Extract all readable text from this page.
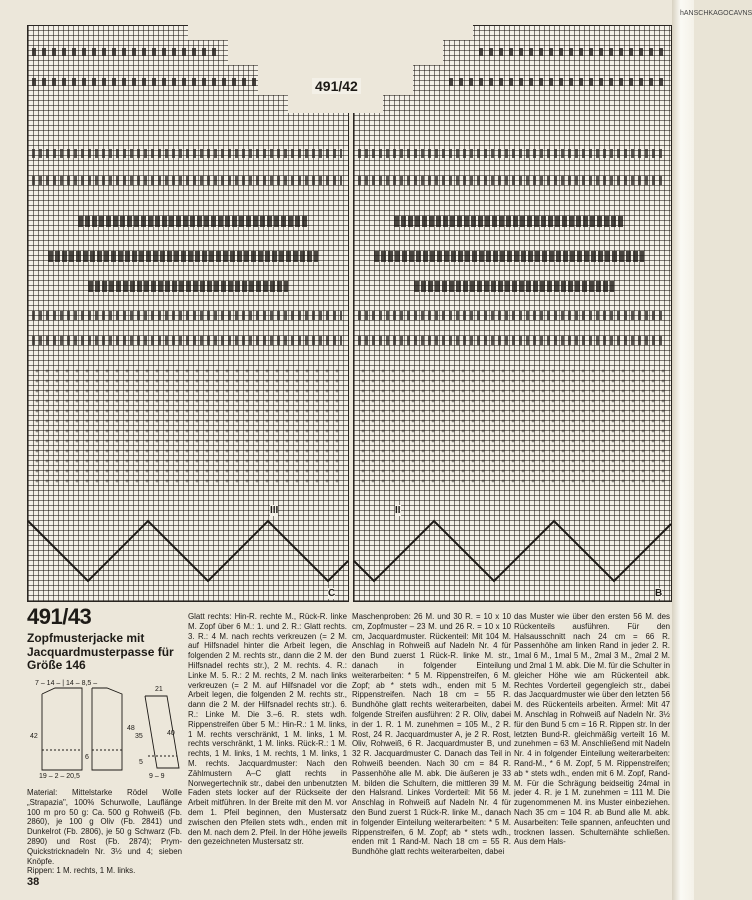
491/42
C	B
III	II
491/43
Zopfmusterjacke mit Jacquardmusterpasse für Größe 146
7 – 14 – | 14 – 8,5 –
21
42
48
35	40
6
5
19 – 2 – 20,5	9 – 9
Material: Mittelstarke Rödel Wolle „Strapazia", 100% Schurwolle, Lauflänge 100 m pro 50 g: Ca. 500 g Rohweiß (Fb. 2860), je 100 g Oliv (Fb. 2841) und Dunkelrot (Fb. 2806), je 50 g Schwarz (Fb. 2890) und Rost (Fb. 2874); Prym-Quickstricknadeln Nr. 3½ und 4; sieben Knöpfe.
Rippen: 1 M. rechts, 1 M. links.
Glatt rechts: Hin-R. rechte M., Rück-R. linke M. Zopf über 6 M.: 1. und 2. R.: Glatt rechts. 3. R.: 4 M. nach rechts verkreuzen (= 2 M. auf Hilfsnadel hinter die Arbeit legen, die folgenden 2 M. rechts str., dann die 2 M. der Hilfsnadel rechts str.), 2 M. rechts. 4. R.: Linke M. 5. R.: 2 M. rechts, 2 M. nach links verkreuzen (= 2 M. auf Hilfsnadel vor die Arbeit legen, die folgenden 2 M. rechts str., dann die 2 M. der Hilfsnadel rechts str.). 6. R.: Linke M. Die 3.–6. R. stets wdh. Rippenstreifen über 5 M.: Hin-R.: 1 M. links, 1 M. rechts verschränkt, 1 M. links, 1 M. rechts verschränkt, 1 M. links. Rück-R.: 1 M. rechts, 1 M. links, 1 M. rechts, 1 M. links, 1 M. rechts. Jacquardmuster: Nach den Zählmustern A–C glatt rechts in Norwegertechnik str., dabei den unbenutzten Faden stets locker auf der Rückseite der Arbeit mitführen. In der Breite mit den M. vor dem 1. Pfeil beginnen, den Mustersatz zwischen den Pfeilen stets wdh., enden mit den M. nach dem 2. Pfeil. In der Höhe jeweils den gezeichneten Mustersatz str.
Maschenproben: 26 M. und 30 R. = 10 x 10 cm, Zopfmuster – 23 M. und 26 R. = 10 x 10 cm, Jacquardmuster. Rückenteil: Mit 104 M. Anschlag in Rohweiß auf Nadeln Nr. 4 für den Bund zuerst 1 Rück-R. linke M. str., danach in folgender Einteilung weiterarbeiten: * 5 M. Rippenstreifen, 6 M. Zopf; ab * stets wdh., enden mit 5 M. Rippenstreifen. Nach 18 cm = 55 R. Bundhöhe glatt rechts weiterarbeiten, dabei folgende Streifen ausführen: 2 R. Oliv, dabei in der 1. R. 1 M. zunehmen = 105 M., 2 R. Rost, 24 R. Jacquardmuster A, je 2 R. Rost, Oliv, Rohweiß, 6 R. Jacquardmuster B, und 32 R. Jacquardmuster C. Danach das Teil in Rohweiß beenden. Nach 30 cm = 84 R. Passenhöhe alle M. abk. Die äußeren je 33 M. bilden die Schultern, die mittleren 39 M. den Halsrand. Linkes Vorderteil: Mit 56 M. Anschlag in Rohweiß auf Nadeln Nr. 4 für den Bund zuerst 1 Rück-R. linke M., danach in folgender Einteilung weiterarbeiten: * 5 M. Rippenstreifen, 6 M. Zopf; ab * stets wdh., enden mit 1 Rand-M. Nach 18 cm = 55 R. Bundhöhe glatt rechts weiterarbeiten, dabei
das Muster wie über den ersten 56 M. des Rückenteils ausführen. Für den Halsausschnitt nach 24 cm = 66 R. Passenhöhe am linken Rand in jeder 2. R. 1mal 6 M., 1mal 5 M., 2mal 3 M., 2mal 2 M. und 2mal 1 M. abk. Die M. für die Schulter in gleicher Höhe wie am Rückenteil abk. Rechtes Vorderteil gegengleich str., dabei das Jacquardmuster wie über den letzten 56 M. des Rückenteils arbeiten. Ärmel: Mit 47 M. Anschlag in Rohweiß auf Nadeln Nr. 3½ für den Bund 5 cm = 16 R. Rippen str. In der letzten Bund-R. gleichmäßig verteilt 16 M. zunehmen = 63 M. Anschließend mit Nadeln Nr. 4 in folgender Einteilung weiterarbeiten: Rand-M., * 6 M. Zopf, 5 M. Rippenstreifen; ab * stets wdh., enden mit 6 M. Zopf, Rand-M. Für die Schrägung beidseitig 24mal in jeder 4. R. je 1 M. zunehmen = 111 M. Die zugenommenen M. ins Muster einbeziehen. Nach 35 cm = 104 R. ab Bund alle M. abk. Ausarbeiten: Teile spannen, anfeuchten und trocknen lassen. Schulternähte schließen. Aus dem Hals-
38
hANSCHKAGOCAVNS
